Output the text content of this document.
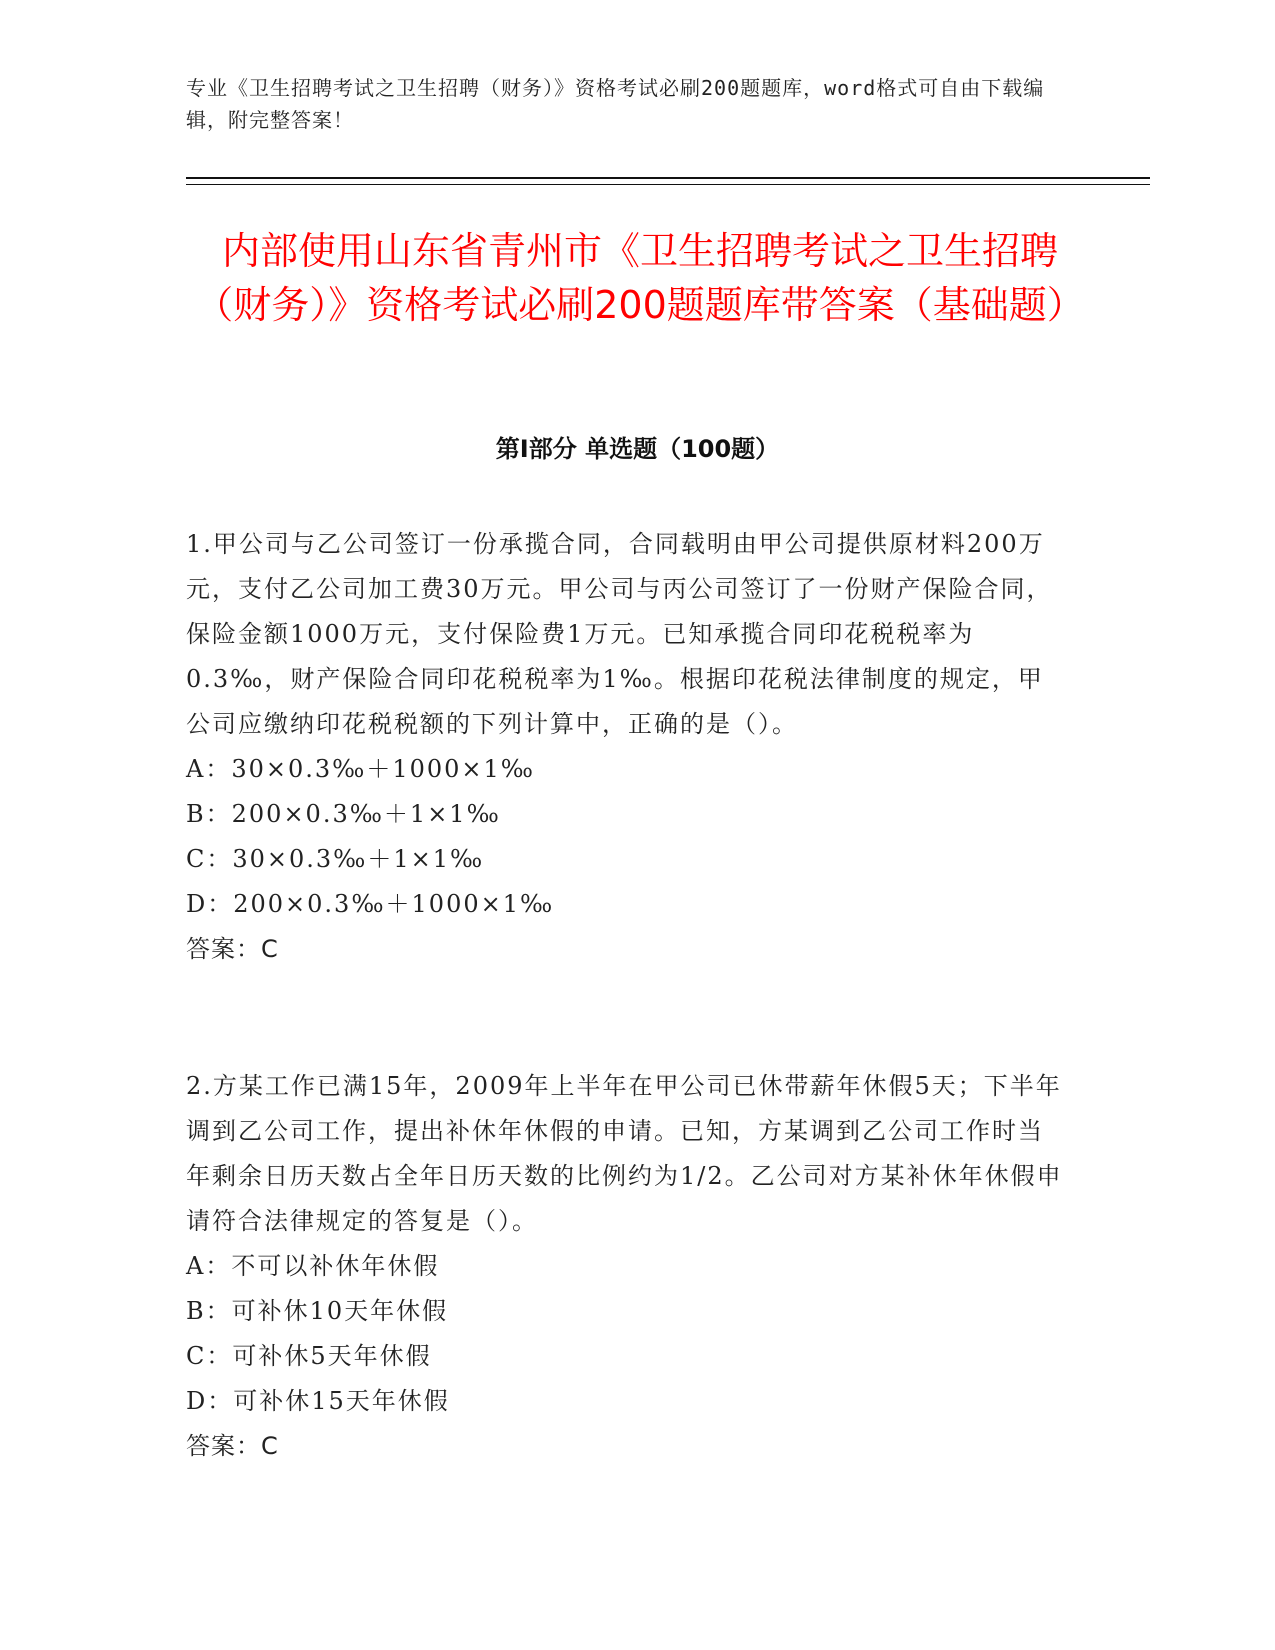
专业《卫生招聘考试之卫生招聘（财务）》资格考试必刷200题题库，word格式可自由下载编辑，附完整答案！
内部使用山东省青州市《卫生招聘考试之卫生招聘（财务）》资格考试必刷200题题库带答案（基础题）
第Ⅰ部分 单选题（100题）

1.甲公司与乙公司签订一份承揽合同，合同载明由甲公司提供原材料200万元，支付乙公司加工费30万元。甲公司与丙公司签订了一份财产保险合同，保险金额1000万元，支付保险费1万元。已知承揽合同印花税税率为0.3‰，财产保险合同印花税税率为1‰。根据印花税法律制度的规定，甲公司应缴纳印花税税额的下列计算中，正确的是（）。

A：30×0.3‰＋1000×1‰

B：200×0.3‰＋1×1‰

C：30×0.3‰＋1×1‰

D：200×0.3‰＋1000×1‰

答案：C

2.方某工作已满15年，2009年上半年在甲公司已休带薪年休假5天；下半年调到乙公司工作，提出补休年休假的申请。已知，方某调到乙公司工作时当年剩余日历天数占全年日历天数的比例约为1/2。乙公司对方某补休年休假申请符合法律规定的答复是（）。

A：不可以补休年休假

B：可补休10天年休假

C：可补休5天年休假

D：可补休15天年休假

答案：C
